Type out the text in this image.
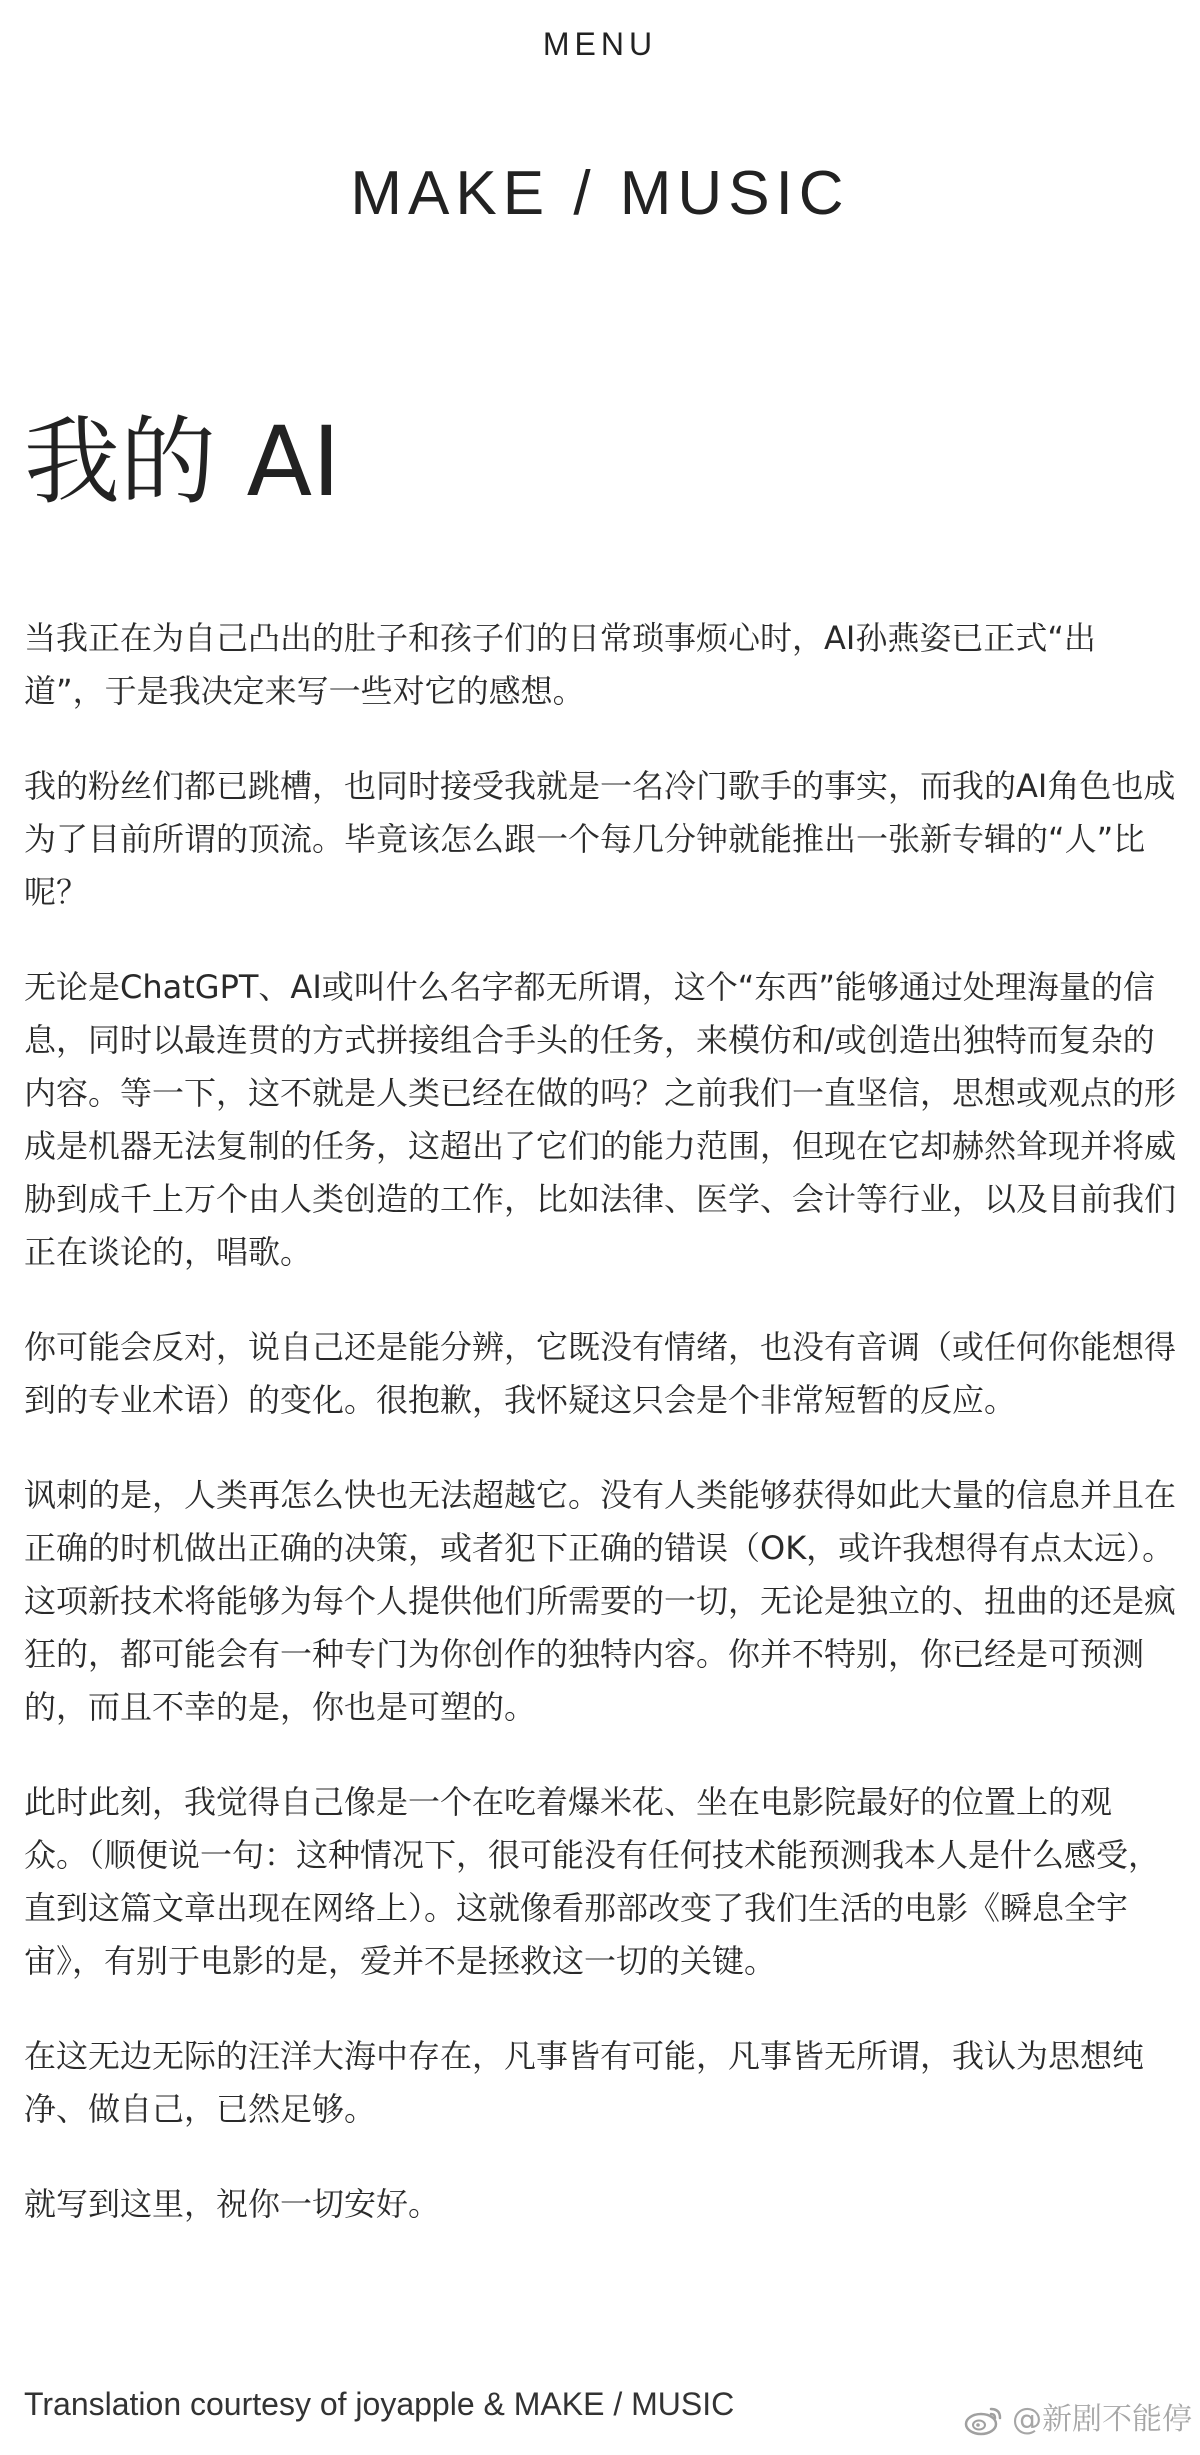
MENU
MAKE / MUSIC
我的 AI

当我正在为自己凸出的肚子和孩子们的日常琐事烦心时，AI孙燕姿已正式“出道”，于是我决定来写一些对它的感想。

我的粉丝们都已跳槽，也同时接受我就是一名冷门歌手的事实，而我的AI角色也成为了目前所谓的顶流。毕竟该怎么跟一个每几分钟就能推出一张新专辑的“人”比呢？

无论是ChatGPT、AI或叫什么名字都无所谓，这个“东西”能够通过处理海量的信息，同时以最连贯的方式拼接组合手头的任务，来模仿和/或创造出独特而复杂的内容。等一下，这不就是人类已经在做的吗？之前我们一直坚信，思想或观点的形成是机器无法复制的任务，这超出了它们的能力范围，但现在它却赫然耸现并将威胁到成千上万个由人类创造的工作，比如法律、医学、会计等行业，以及目前我们正在谈论的，唱歌。

你可能会反对，说自己还是能分辨，它既没有情绪，也没有音调（或任何你能想得到的专业术语）的变化。很抱歉，我怀疑这只会是个非常短暂的反应。

讽刺的是，人类再怎么快也无法超越它。没有人类能够获得如此大量的信息并且在正确的时机做出正确的决策，或者犯下正确的错误（OK，或许我想得有点太远）。这项新技术将能够为每个人提供他们所需要的一切，无论是独立的、扭曲的还是疯狂的，都可能会有一种专门为你创作的独特内容。你并不特别，你已经是可预测的，而且不幸的是，你也是可塑的。

此时此刻，我觉得自己像是一个在吃着爆米花、坐在电影院最好的位置上的观众。（顺便说一句：这种情况下，很可能没有任何技术能预测我本人是什么感受，直到这篇文章出现在网络上）。这就像看那部改变了我们生活的电影《瞬息全宇宙》，有别于电影的是，爱并不是拯救这一切的关键。

在这无边无际的汪洋大海中存在，凡事皆有可能，凡事皆无所谓，我认为思想纯净、做自己，已然足够。

就写到这里，祝你一切安好。

Translation courtesy of joyapple & MAKE / MUSIC	@新剧不能停
